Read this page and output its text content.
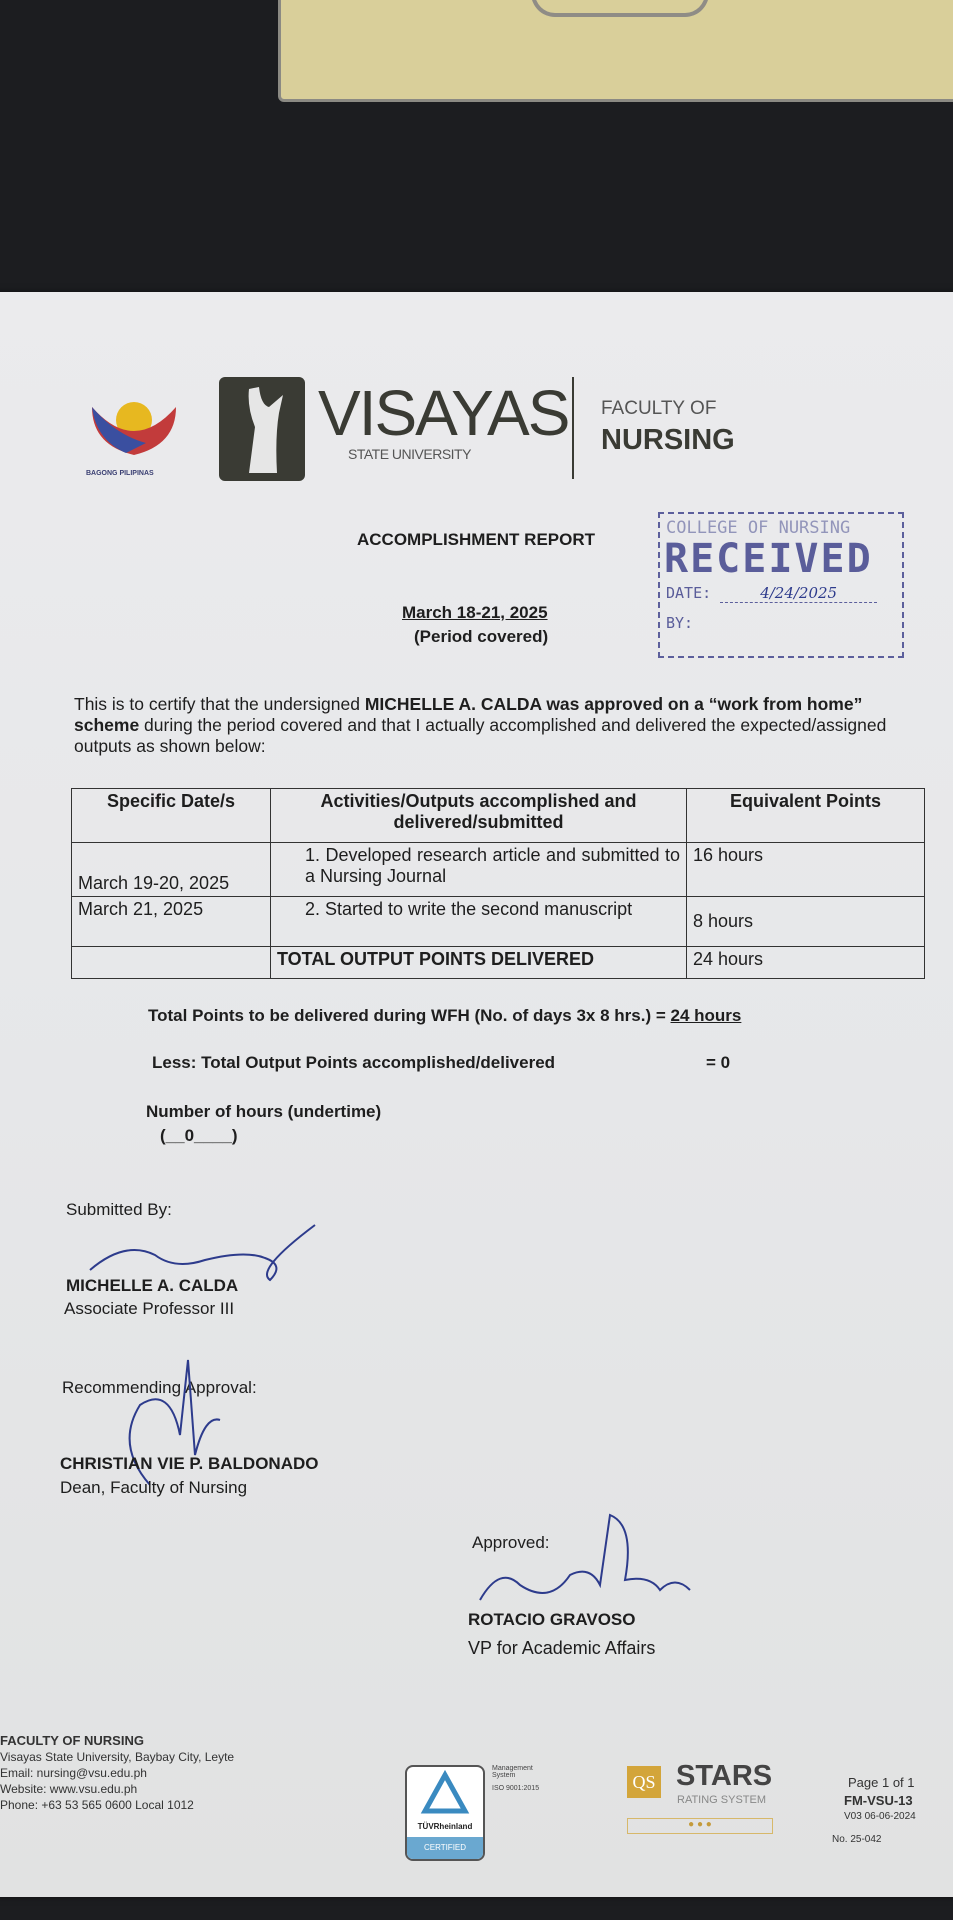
BAGONG PILIPINAS
VISAYAS
STATE UNIVERSITY
FACULTY OF
NURSING
ACCOMPLISHMENT REPORT
March 18-21, 2025
(Period covered)
COLLEGE OF NURSING
RECEIVED
DATE:	4/24/2025
BY:
This is to certify that the undersigned MICHELLE A. CALDA was approved on a “work from home” scheme during the period covered and that I actually accomplished and delivered the expected/assigned outputs as shown below:
Specific Date/s	Activities/Outputs accomplished and delivered/submitted	Equivalent Points
March 19-20, 2025	1. Developed research article and submitted to a Nursing Journal	16 hours
March 21, 2025	2. Started to write the second manuscript	8 hours
	TOTAL OUTPUT POINTS DELIVERED	24 hours
Total Points to be delivered during WFH (No. of days 3x 8 hrs.) = 24 hours
Less: Total Output Points accomplished/delivered	= 0
Number of hours (undertime)
(__0____)
Submitted By:
MICHELLE A. CALDA
Associate Professor III
Recommending Approval:
CHRISTIAN VIE P. BALDONADO
Dean, Faculty of Nursing
Approved:
ROTACIO GRAVOSO
VP for Academic Affairs
FACULTY OF NURSING
Visayas State University, Baybay City, Leyte
Email: nursing@vsu.edu.ph
Website: www.vsu.edu.ph
Phone: +63 53 565 0600 Local 1012
TÜVRheinland
CERTIFIED
Management System
ISO 9001:2015	QS STARS
RATING SYSTEM
● ● ●
Page 1 of 1
FM-VSU-13
V03 06-06-2024
No. 25-042
